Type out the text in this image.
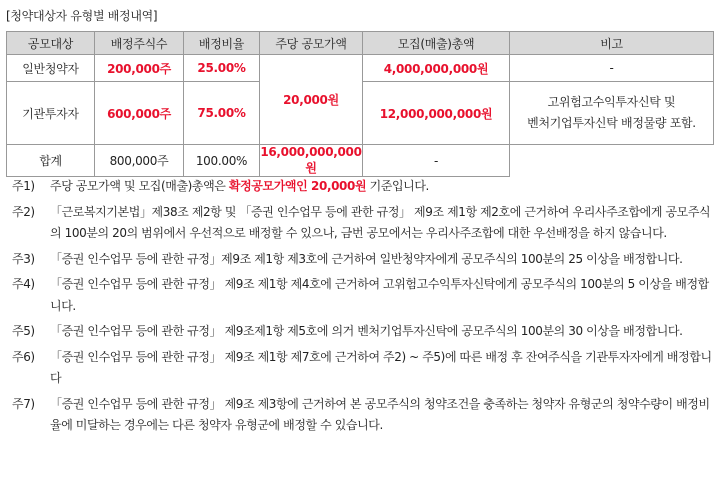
[청약대상자 유형별 배정내역]
공모대상	배정주식수	배정비율	주당 공모가액	모집(매출)총액	비고
일반청약자	200,000주	25.00%	20,000원	4,000,000,000원	-
기관투자자	600,000주	75.00%		12,000,000,000원	고위험고수익투자신탁 및
벤처기업투자신탁 배정물량 포함.

합계	800,000주	100.00%	16,000,000,000원	-	
주1)	주당 공모가액 및 모집(매출)총액은 확정공모가액인 20,000원 기준입니다.
주2)	「근로복지기본법」제38조 제2항 및 「증권 인수업무 등에 관한 규정」 제9조 제1항 제2호에 근거하여 우리사주조합에게 공모주식의 100분의 20의 범위에서 우선적으로 배정할 수 있으나, 금번 공모에서는 우리사주조합에 대한 우선배정을 하지 않습니다.
주3)	「증권 인수업무 등에 관한 규정」제9조 제1항 제3호에 근거하여 일반청약자에게 공모주식의 100분의 25 이상을 배정합니다.
주4)	「증권 인수업무 등에 관한 규정」 제9조 제1항 제4호에 근거하여 고위험고수익투자신탁에게 공모주식의 100분의 5 이상을 배정합니다.
주5)	「증권 인수업무 등에 관한 규정」 제9조제1항 제5호에 의거 벤처기업투자신탁에 공모주식의 100분의 30 이상을 배정합니다.
주6)	「증권 인수업무 등에 관한 규정」 제9조 제1항 제7호에 근거하여 주2) ~ 주5)에 따른 배정 후 잔여주식을 기관투자자에게 배정합니다
주7)	「증권 인수업무 등에 관한 규정」 제9조 제3항에 근거하여 본 공모주식의 청약조건을 충족하는 청약자 유형군의 청약수량이 배정비율에 미달하는 경우에는 다른 청약자 유형군에 배정할 수 있습니다.
